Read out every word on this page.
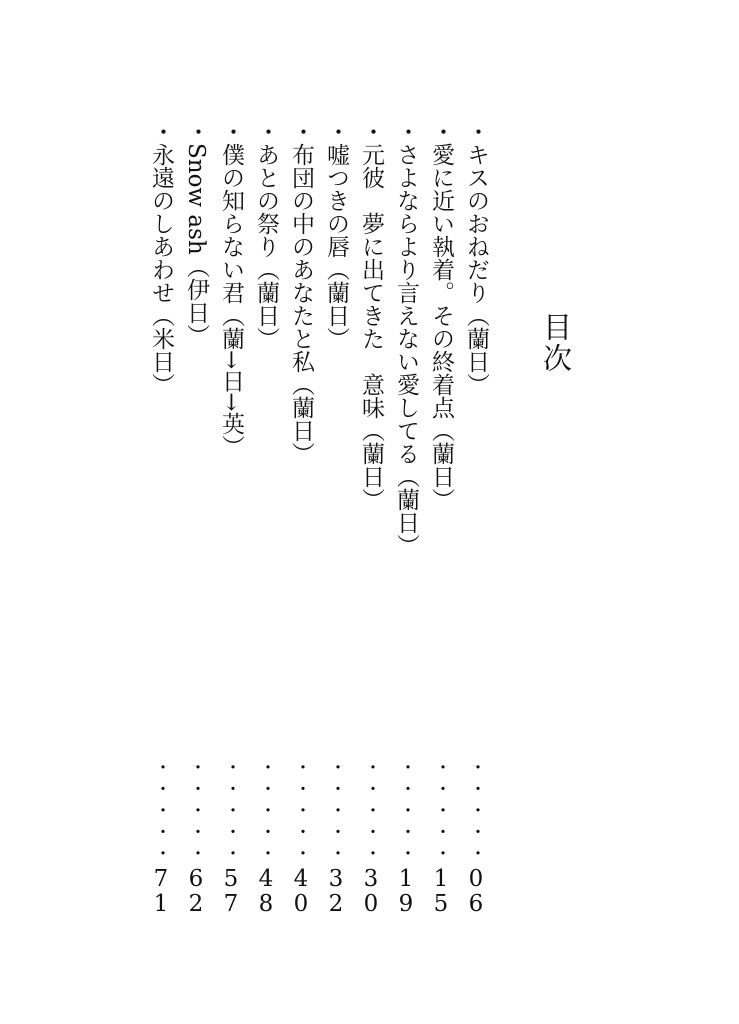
目次
・キスのおねだり（蘭日）
・・・・・
06
・愛に近い執着。その終着点（蘭日）
・・・・・
15
・さよならより言えない愛してる（蘭日）
・・・・・
19
・元彼　夢に出てきた　意味（蘭日）
・・・・・
30
・嘘つきの唇（蘭日）
・・・・・
32
・布団の中のあなたと私（蘭日）
・・・・・
40
・あとの祭り（蘭日）
・・・・・
48
・僕の知らない君（蘭→日→英）
・・・・・
57
・Snow ash（伊日）
・・・・・
62
・永遠のしあわせ（米日）
・・・・・
71
